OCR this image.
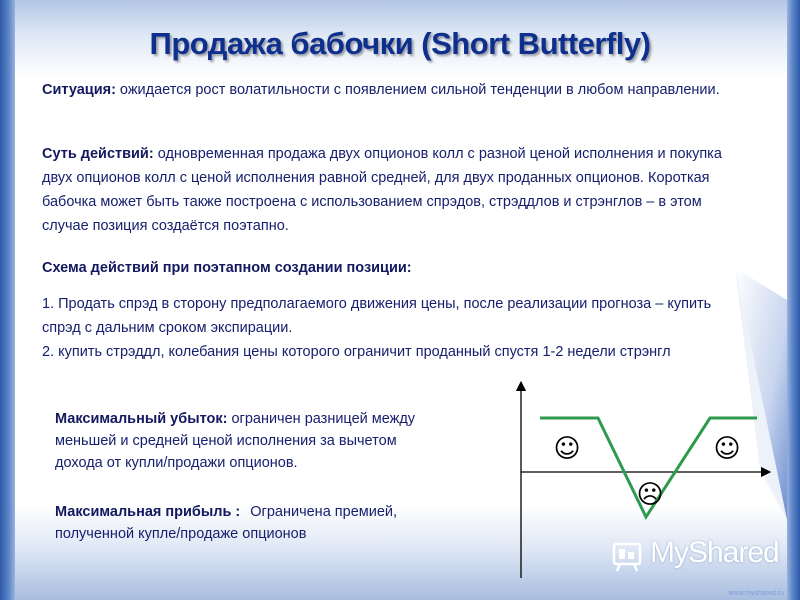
Продажа бабочки (Short Butterfly)
Ситуация: ожидается рост волатильности с появлением сильной тенденции в любом направлении.
Суть действий: одновременная продажа двух опционов колл с разной ценой исполнения и покупка двух опционов колл с ценой исполнения равной средней, для двух проданных опционов. Короткая бабочка может быть также построена с использованием спрэдов, стрэддлов и стрэнглов – в этом случае позиция создаётся поэтапно.
Схема действий при поэтапном создании позиции:
1. Продать спрэд в сторону предполагаемого движения цены, после реализации прогноза – купить спрэд с дальним сроком экспирации.
2. купить стрэддл, колебания цены которого ограничит проданный спустя 1-2 недели стрэнгл
Максимальный убыток: ограничен разницей между меньшей и средней ценой исполнения за вычетом дохода от купли/продажи опционов.
Максимальная прибыль : Ограничена премией, полученной купле/продаже опционов
☺	☺
☹
MyShared
www.myshared.ru
